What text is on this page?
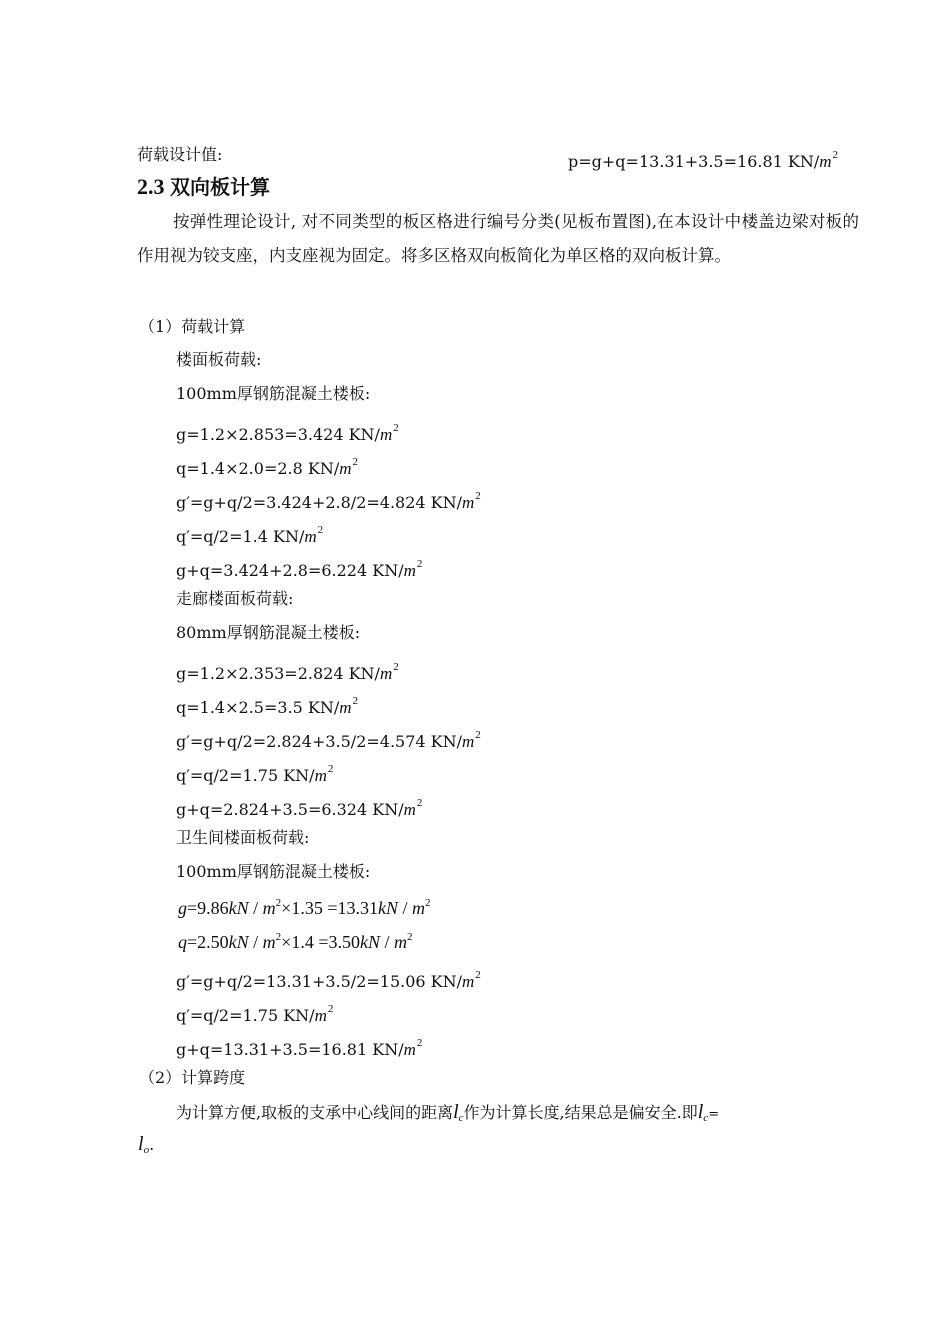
荷载设计值:	p=g+q=13.31+3.5=16.81 $KN/m^2$
2.3 双向板计算
按弹性理论设计, 对不同类型的板区格进行编号分类(见板布置图),在本设计中楼盖边梁对板的作用视为铰支座，内支座视为固定。将多区格双向板简化为单区格的双向板计算。
（1）荷载计算
楼面板荷载:
100mm厚钢筋混凝土楼板:
g=1.2×2.853=3.424 $KN/m^2$
q=1.4×2.0=2.8 $KN/m^2$
g′=g+q/2=3.424+2.8/2=4.824 $KN/m^2$
q′=q/2=1.4 $KN/m^2$
g+q=3.424+2.8=6.224 $KN/m^2$
走廊楼面板荷载:
80mm厚钢筋混凝土楼板:
g=1.2×2.353=2.824 $KN/m^2$
q=1.4×2.5=3.5 $KN/m^2$
g′=g+q/2=2.824+3.5/2=4.574 $KN/m^2$
q′=q/2=1.75 $KN/m^2$
g+q=2.824+3.5=6.324 $KN/m^2$
卫生间楼面板荷载:
100mm厚钢筋混凝土楼板:
$g=9.86kN / m^2\times 1.35 =13.31kN / m^2$
$q=2.50kN / m^2\times 1.4 =3.50kN / m^2$
g′=g+q/2=13.31+3.5/2=15.06 $KN/m^2$
q′=q/2=1.75 $KN/m^2$
g+q=13.31+3.5=16.81 $KN/m^2$
（2）计算跨度
为计算方便,取板的支承中心线间的距离lc作为计算长度,结果总是偏安全.即lc=
lo.
